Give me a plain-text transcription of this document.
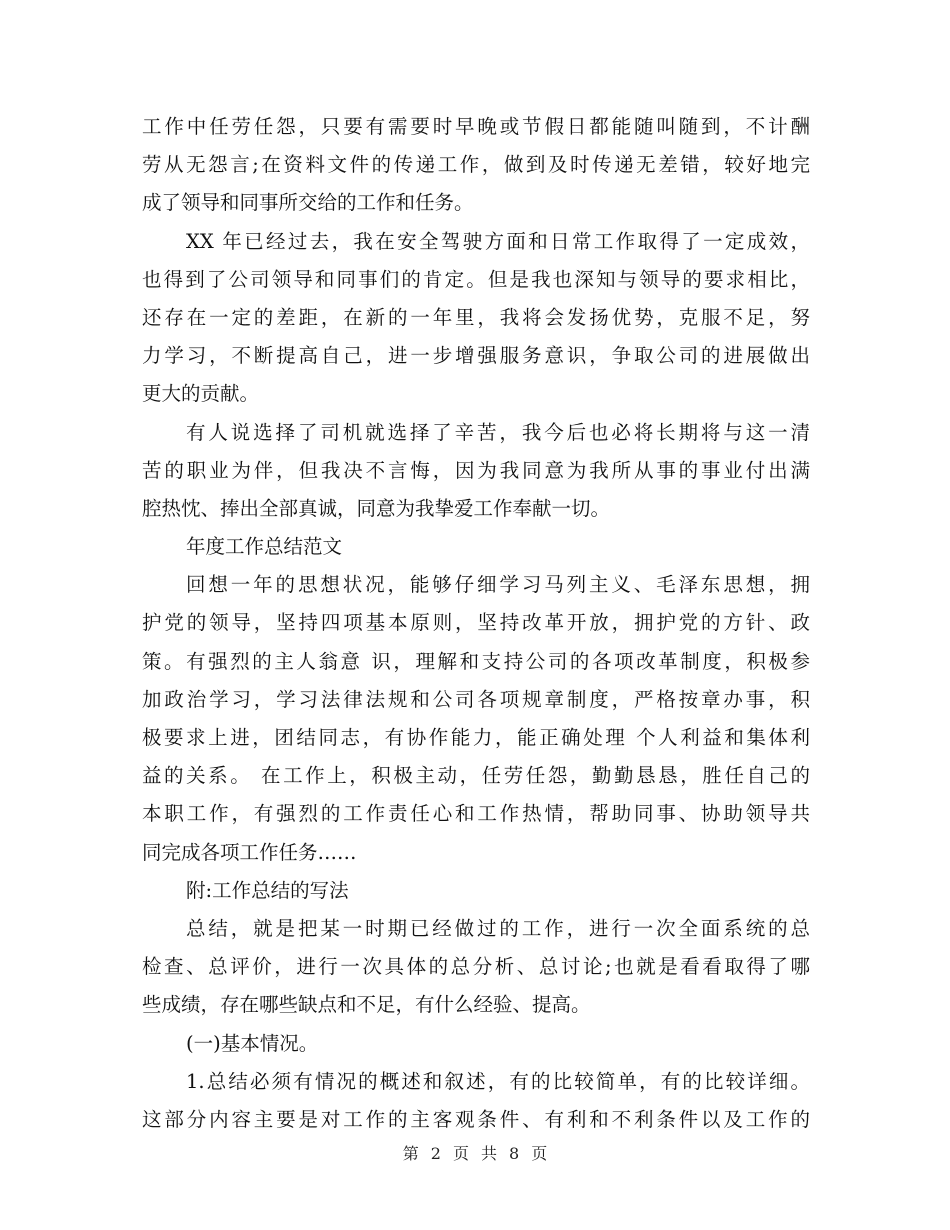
工作中任劳任怨，只要有需要时早晚或节假日都能随叫随到，不计酬
劳从无怨言;在资料文件的传递工作，做到及时传递无差错，较好地完
成了领导和同事所交给的工作和任务。
XX 年已经过去，我在安全驾驶方面和日常工作取得了一定成效，
也得到了公司领导和同事们的肯定。但是我也深知与领导的要求相比，
还存在一定的差距，在新的一年里，我将会发扬优势，克服不足，努
力学习，不断提高自己，进一步增强服务意识，争取公司的进展做出
更大的贡献。
有人说选择了司机就选择了辛苦，我今后也必将长期将与这一清
苦的职业为伴，但我决不言悔，因为我同意为我所从事的事业付出满
腔热忱、捧出全部真诚，同意为我挚爱工作奉献一切。
年度工作总结范文
回想一年的思想状况，能够仔细学习马列主义、毛泽东思想，拥
护党的领导，坚持四项基本原则，坚持改革开放，拥护党的方针、政
策。有强烈的主人翁意 识，理解和支持公司的各项改革制度，积极参
加政治学习，学习法律法规和公司各项规章制度，严格按章办事，积
极要求上进，团结同志，有协作能力，能正确处理 个人利益和集体利
益的关系。 在工作上，积极主动，任劳任怨，勤勤恳恳，胜任自己的
本职工作，有强烈的工作责任心和工作热情，帮助同事、协助领导共
同完成各项工作任务……
附:工作总结的写法
总结，就是把某一时期已经做过的工作，进行一次全面系统的总
检查、总评价，进行一次具体的总分析、总讨论;也就是看看取得了哪
些成绩，存在哪些缺点和不足，有什么经验、提高。
(一)基本情况。
1.总结必须有情况的概述和叙述，有的比较简单，有的比较详细。
这部分内容主要是对工作的主客观条件、有利和不利条件以及工作的
第 2 页 共 8 页
